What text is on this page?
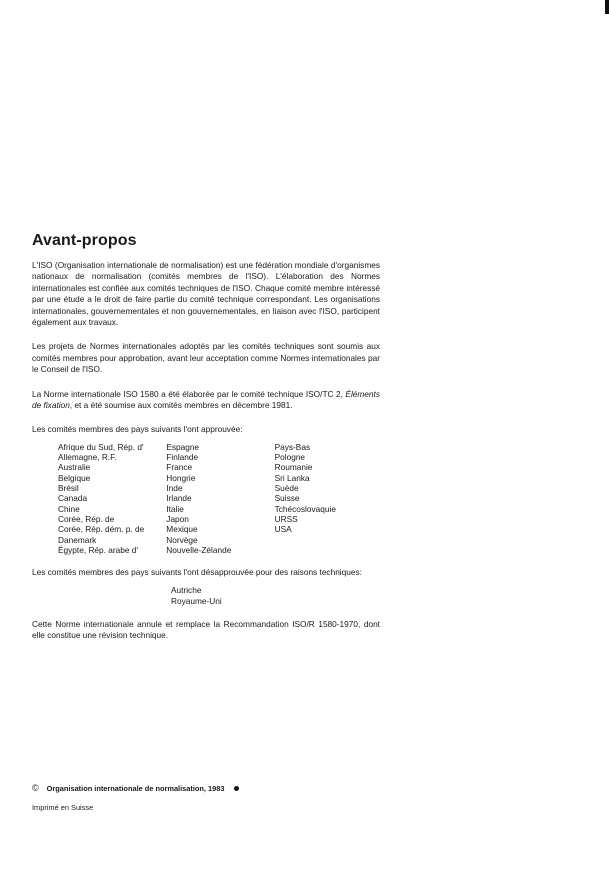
Avant-propos

L'ISO (Organisation internationale de normalisation) est une fédération mondiale d'organismes nationaux de normalisation (comités membres de l'ISO). L'élaboration des Normes internationales est confiée aux comités techniques de l'ISO. Chaque comité membre intéressé par une étude a le droit de faire partie du comité technique correspondant. Les organisations internationales, gouvernementales et non gouvernementales, en liaison avec l'ISO, participent également aux travaux.

Les projets de Normes internationales adoptés par les comités techniques sont soumis aux comités membres pour approbation, avant leur acceptation comme Normes internationales par le Conseil de l'ISO.

La Norme internationale ISO 1580 a été élaborée par le comité technique ISO/TC 2, Éléments de fixation, et a été soumise aux comités membres en décembre 1981.

Les comités membres des pays suivants l'ont approuvée:

Afrique du Sud, Rép. d'
Allemagne, R.F.
Australie
Belgique
Brésil
Canada
Chine
Corée, Rép. de
Corée, Rép. dém. p. de
Danemark
Égypte, Rép. arabe d'
Espagne
Finlande
France
Hongrie
Inde
Irlande
Italie
Japon
Mexique
Norvège
Nouvelle-Zélande
Pays-Bas
Pologne
Roumanie
Sri Lanka
Suède
Suisse
Tchécoslovaquie
URSS
USA

Les comités membres des pays suivants l'ont désapprouvée pour des raisons techniques:

Autriche
Royaume-Uni

Cette Norme internationale annule et remplace la Recommandation ISO/R 1580-1970, dont elle constitue une révision technique.

© Organisation internationale de normalisation, 1983
Imprimé en Suisse
